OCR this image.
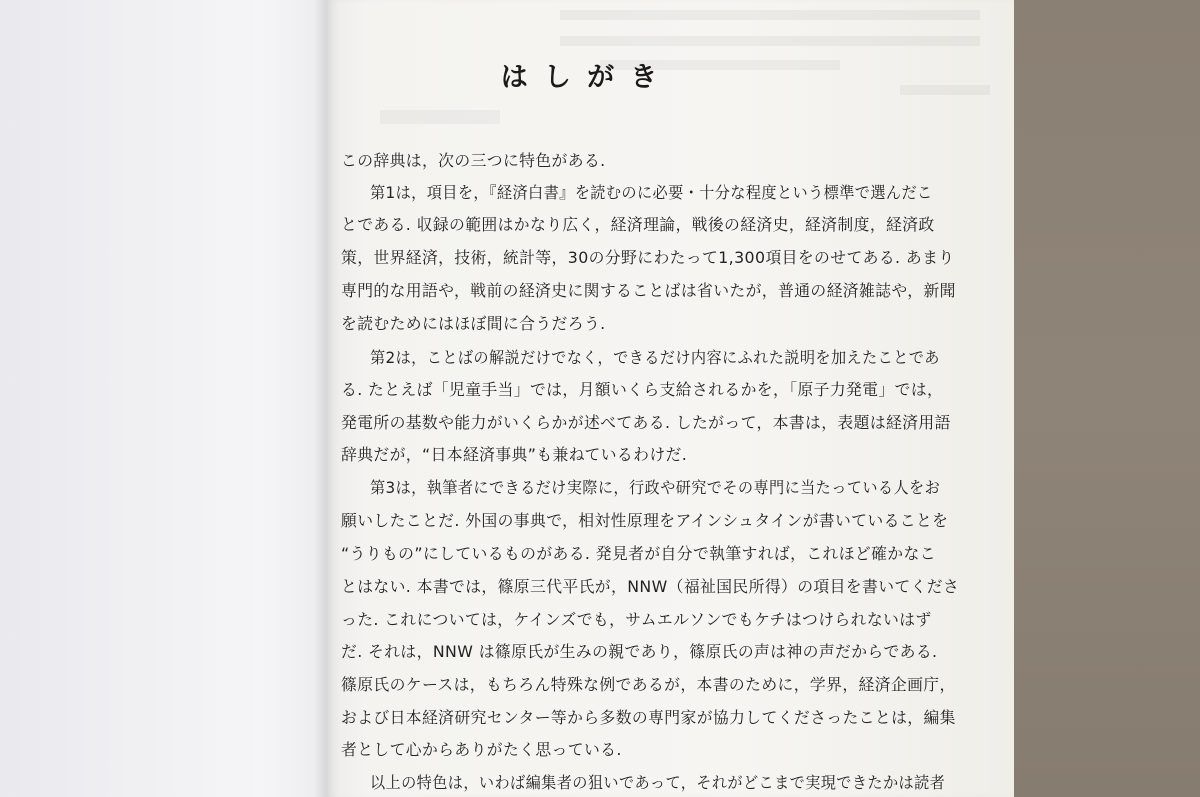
はしがき
この辞典は，次の三つに特色がある.
第1は，項目を，『経済白書』を読むのに必要・十分な程度という標準で選んだこ
とである. 収録の範囲はかなり広く，経済理論，戦後の経済史，経済制度，経済政
策，世界経済，技術，統計等，30の分野にわたって1,300項目をのせてある. あまり
専門的な用語や，戦前の経済史に関することばは省いたが，普通の経済雑誌や，新聞
を読むためにはほぼ間に合うだろう.
第2は，ことばの解説だけでなく，できるだけ内容にふれた説明を加えたことであ
る. たとえば「児童手当」では，月額いくら支給されるかを，「原子力発電」では，
発電所の基数や能力がいくらかが述べてある. したがって，本書は，表題は経済用語
辞典だが，“日本経済事典”も兼ねているわけだ.
第3は，執筆者にできるだけ実際に，行政や研究でその専門に当たっている人をお
願いしたことだ. 外国の事典で，相対性原理をアインシュタインが書いていることを
“うりもの”にしているものがある. 発見者が自分で執筆すれば，これほど確かなこ
とはない. 本書では，篠原三代平氏が，NNW（福祉国民所得）の項目を書いてくださ
った. これについては，ケインズでも，サムエルソンでもケチはつけられないはず
だ. それは，NNW は篠原氏が生みの親であり，篠原氏の声は神の声だからである.
篠原氏のケースは，もちろん特殊な例であるが，本書のために，学界，経済企画庁，
および日本経済研究センター等から多数の専門家が協力してくださったことは，編集
者として心からありがたく思っている.
以上の特色は，いわば編集者の狙いであって，それがどこまで実現できたかは読者
